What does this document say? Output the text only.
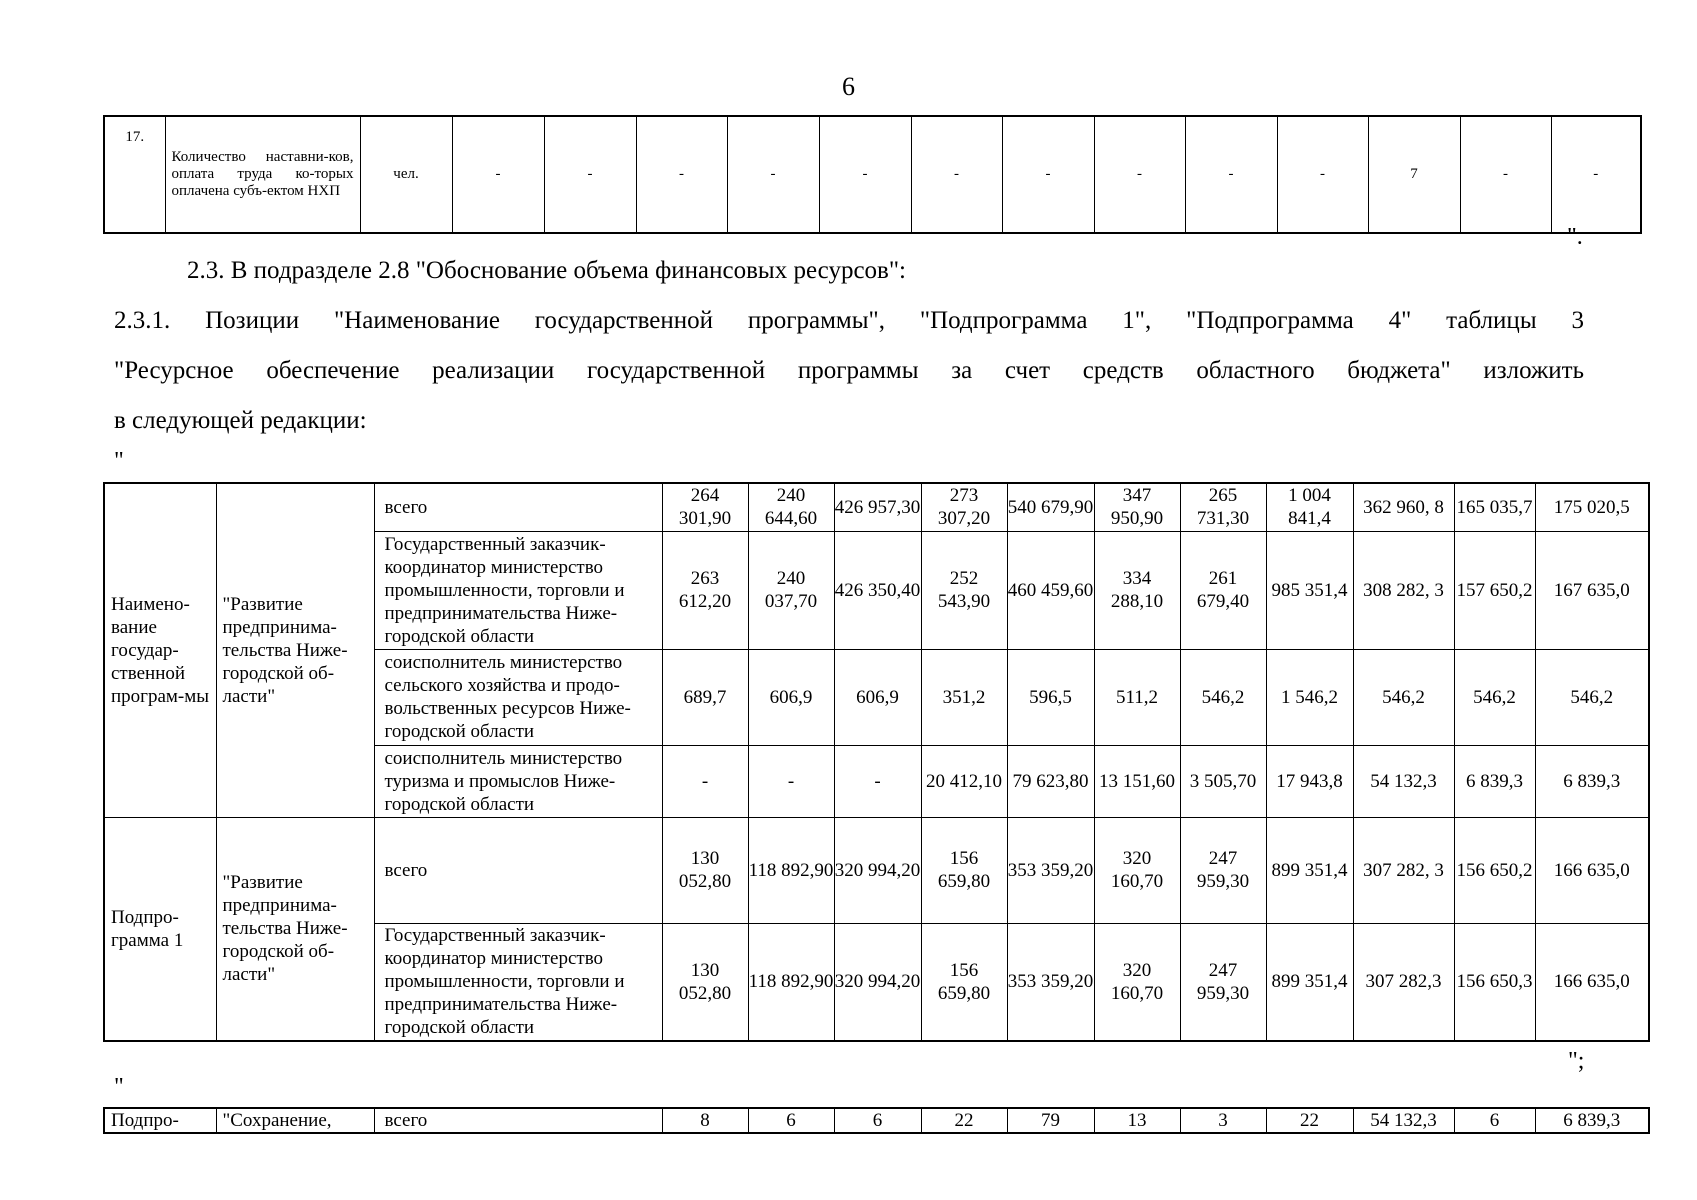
6
17.	Количество наставни-ков, оплата труда ко-торых оплачена субъ-ектом НХП	чел.	-	-	-	-	-	-	-	-	-	-	7	-	-
".
2.3. В подразделе 2.8 "Обоснование объема финансовых ресурсов":
2.3.1. Позиции "Наименование государственной программы", "Подпрограмма 1", "Подпрограмма 4" таблицы 3
"Ресурсное обеспечение реализации государственной программы за счет средств областного бюджета" изложить
в следующей редакции:
"
Наимено-вание государ-ственной програм-мы	"Развитие предпринима-тельства Ниже-городской об-ласти"	всего	264 301,90	240 644,60	426 957,30	273 307,20	540 679,90	347 950,90	265 731,30	1 004 841,4	362 960, 8	165 035,7	175 020,5
		Государственный заказчик-координатор министерство промышленности, торговли и предпринимательства Ниже-городской области	263 612,20	240 037,70	426 350,40	252 543,90	460 459,60	334 288,10	261 679,40	985 351,4	308 282, 3	157 650,2	167 635,0
		соисполнитель министерство сельского хозяйства и продо-вольственных ресурсов Ниже-городской области	689,7	606,9	606,9	351,2	596,5	511,2	546,2	1 546,2	546,2	546,2	546,2
		соисполнитель министерство туризма и промыслов Ниже-городской области	-	-	-	20 412,10	79 623,80	13 151,60	3 505,70	17 943,8	54 132,3	6 839,3	6 839,3
Подпро-грамма 1	"Развитие предпринима-тельства Ниже-городской об-ласти"	всего	130 052,80	118 892,90	320 994,20	156 659,80	353 359,20	320 160,70	247 959,30	899 351,4	307 282, 3	156 650,2	166 635,0
		Государственный заказчик-координатор министерство промышленности, торговли и предпринимательства Ниже-городской области	130 052,80	118 892,90	320 994,20	156 659,80	353 359,20	320 160,70	247 959,30	899 351,4	307 282,3	156 650,3	166 635,0
";
"
Подпро-	"Сохранение,	всего	8	6	6	22	79	13	3	22	54 132,3	6	6 839,3
